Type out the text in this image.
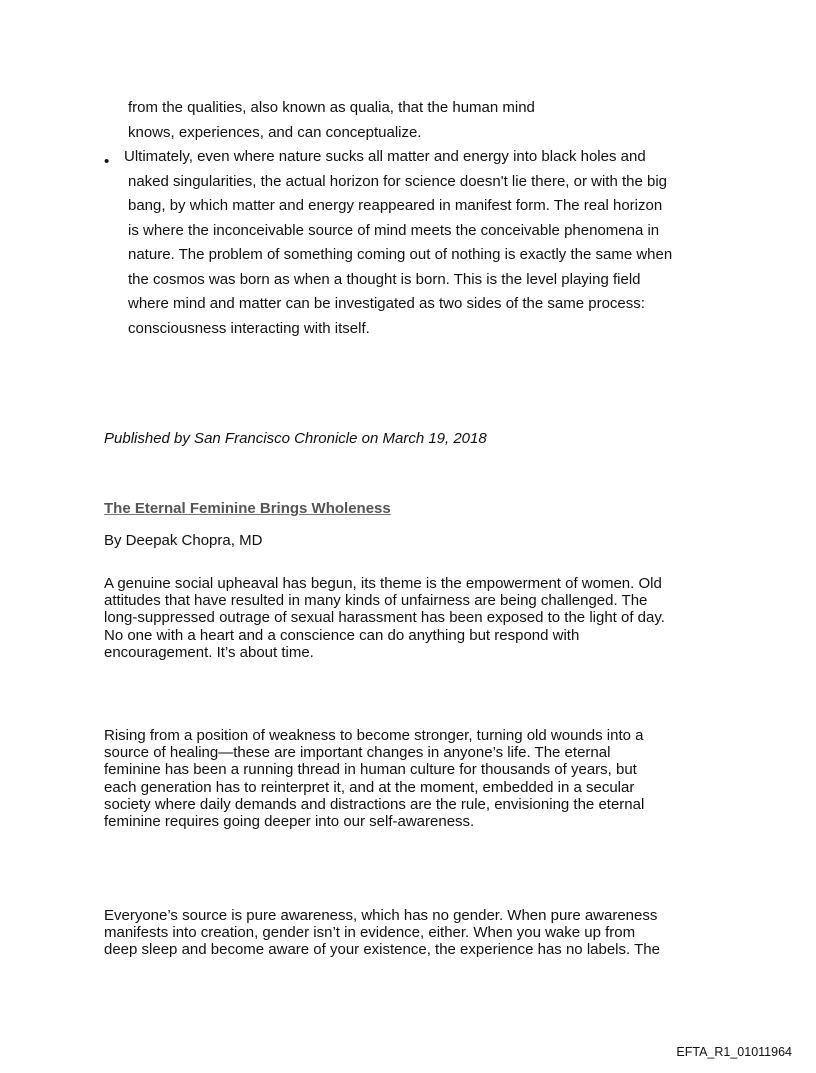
from the qualities, also known as qualia, that the human mind
knows, experiences, and can conceptualize.
• Ultimately, even where nature sucks all matter and energy into black holes and
naked singularities, the actual horizon for science doesn't lie there, or with the big
bang, by which matter and energy reappeared in manifest form. The real horizon
is where the inconceivable source of mind meets the conceivable phenomena in
nature. The problem of something coming out of nothing is exactly the same when
the cosmos was born as when a thought is born. This is the level playing field
where mind and matter can be investigated as two sides of the same process:
consciousness interacting with itself.
Published by San Francisco Chronicle on March 19, 2018
The Eternal Feminine Brings Wholeness
By Deepak Chopra, MD
A genuine social upheaval has begun, its theme is the empowerment of women. Old
attitudes that have resulted in many kinds of unfairness are being challenged. The
long-suppressed outrage of sexual harassment has been exposed to the light of day.
No one with a heart and a conscience can do anything but respond with
encouragement. It’s about time.
Rising from a position of weakness to become stronger, turning old wounds into a
source of healing—these are important changes in anyone’s life. The eternal
feminine has been a running thread in human culture for thousands of years, but
each generation has to reinterpret it, and at the moment, embedded in a secular
society where daily demands and distractions are the rule, envisioning the eternal
feminine requires going deeper into our self-awareness.
Everyone’s source is pure awareness, which has no gender. When pure awareness
manifests into creation, gender isn’t in evidence, either. When you wake up from
deep sleep and become aware of your existence, the experience has no labels. The
EFTA_R1_01011964
